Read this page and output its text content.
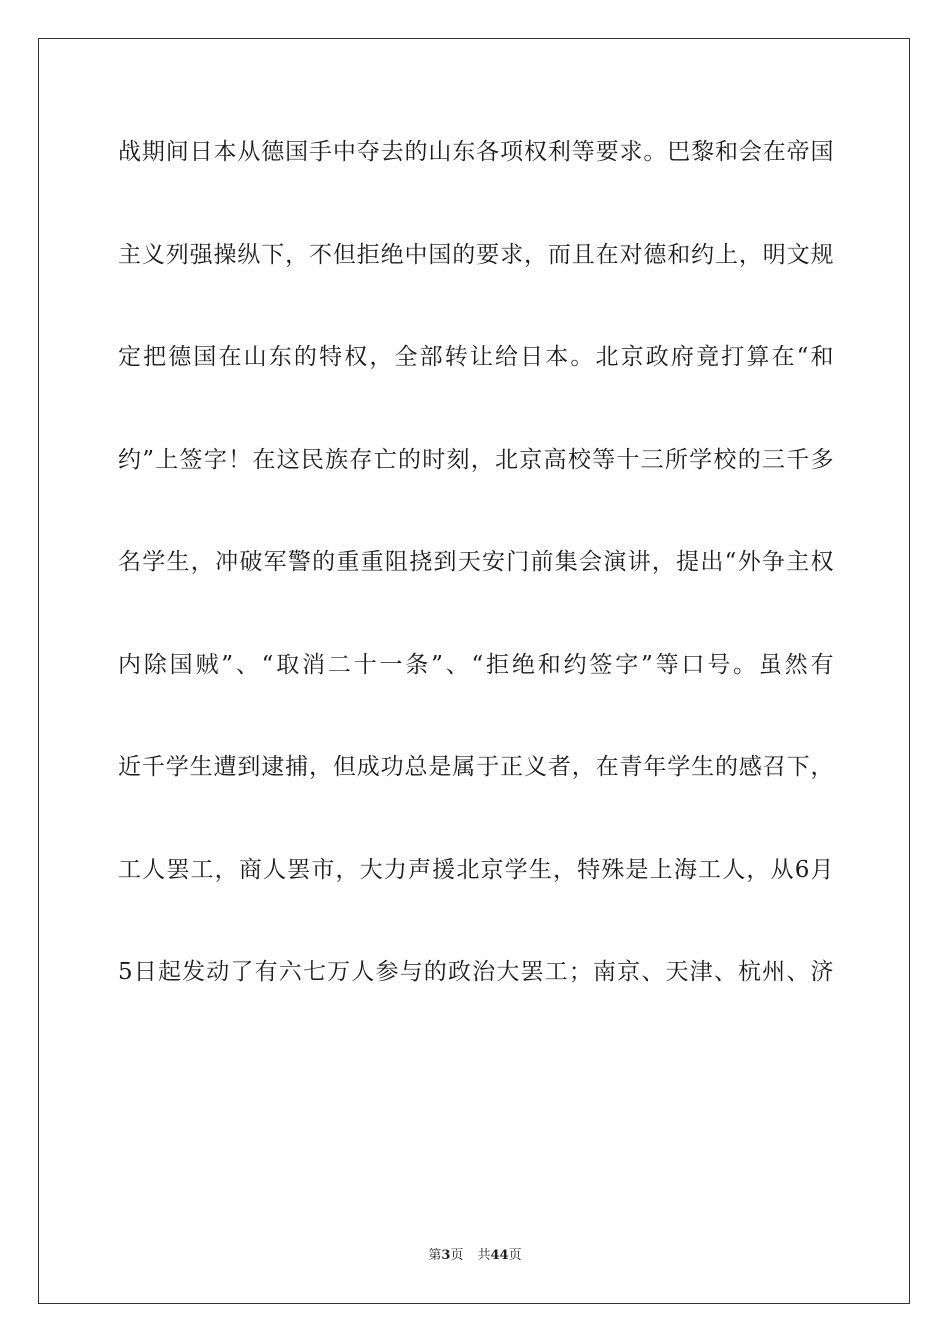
战期间日本从德国手中夺去的山东各项权利等要求。巴黎和会在帝国
主义列强操纵下，不但拒绝中国的要求，而且在对德和约上，明文规
定把德国在山东的特权，全部转让给日本。北京政府竟打算在“和
约”上签字！在这民族存亡的时刻，北京高校等十三所学校的三千多
名学生，冲破军警的重重阻挠到天安门前集会演讲，提出“外争主权
内除国贼”、“取消二十一条”、“拒绝和约签字”等口号。虽然有
近千学生遭到逮捕，但成功总是属于正义者，在青年学生的感召下，
工人罢工，商人罢市，大力声援北京学生，特殊是上海工人，从6月
5日起发动了有六七万人参与的政治大罢工；南京、天津、杭州、济
第3页 共44页
